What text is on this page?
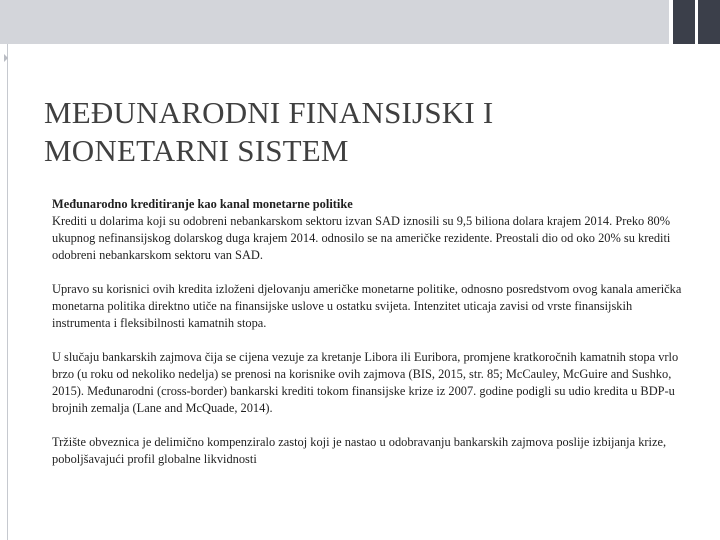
MEĐUNARODNI FINANSIJSKI I
MONETARNI SISTEM

Međunarodno kreditiranje kao kanal monetarne politike
Krediti u dolarima koji su odobreni nebankarskom sektoru izvan SAD iznosili su 9,5 biliona dolara krajem 2014. Preko 80% ukupnog nefinansijskog dolarskog duga krajem 2014. odnosilo se na američke rezidente. Preostali dio od oko 20% su krediti odobreni nebankarskom sektoru van SAD.

Upravo su korisnici ovih kredita izloženi djelovanju američke monetarne politike, odnosno posredstvom ovog kanala američka monetarna politika direktno utiče na finansijske uslove u ostatku svijeta. Intenzitet uticaja zavisi od vrste finansijskih instrumenta i fleksibilnosti kamatnih stopa.

U slučaju bankarskih zajmova čija se cijena vezuje za kretanje Libora ili Euribora, promjene kratkoročnih kamatnih stopa vrlo brzo (u roku od nekoliko nedelja) se prenosi na korisnike ovih zajmova (BIS, 2015, str. 85; McCauley, McGuire and Sushko, 2015). Međunarodni (cross-border) bankarski krediti tokom finansijske krize iz 2007. godine podigli su udio kredita u BDP-u brojnih zemalja (Lane and McQuade, 2014).

Tržište obveznica je delimično kompenziralo zastoj koji je nastao u odobravanju bankarskih zajmova poslije izbijanja krize, poboljšavajući profil globalne likvidnosti
